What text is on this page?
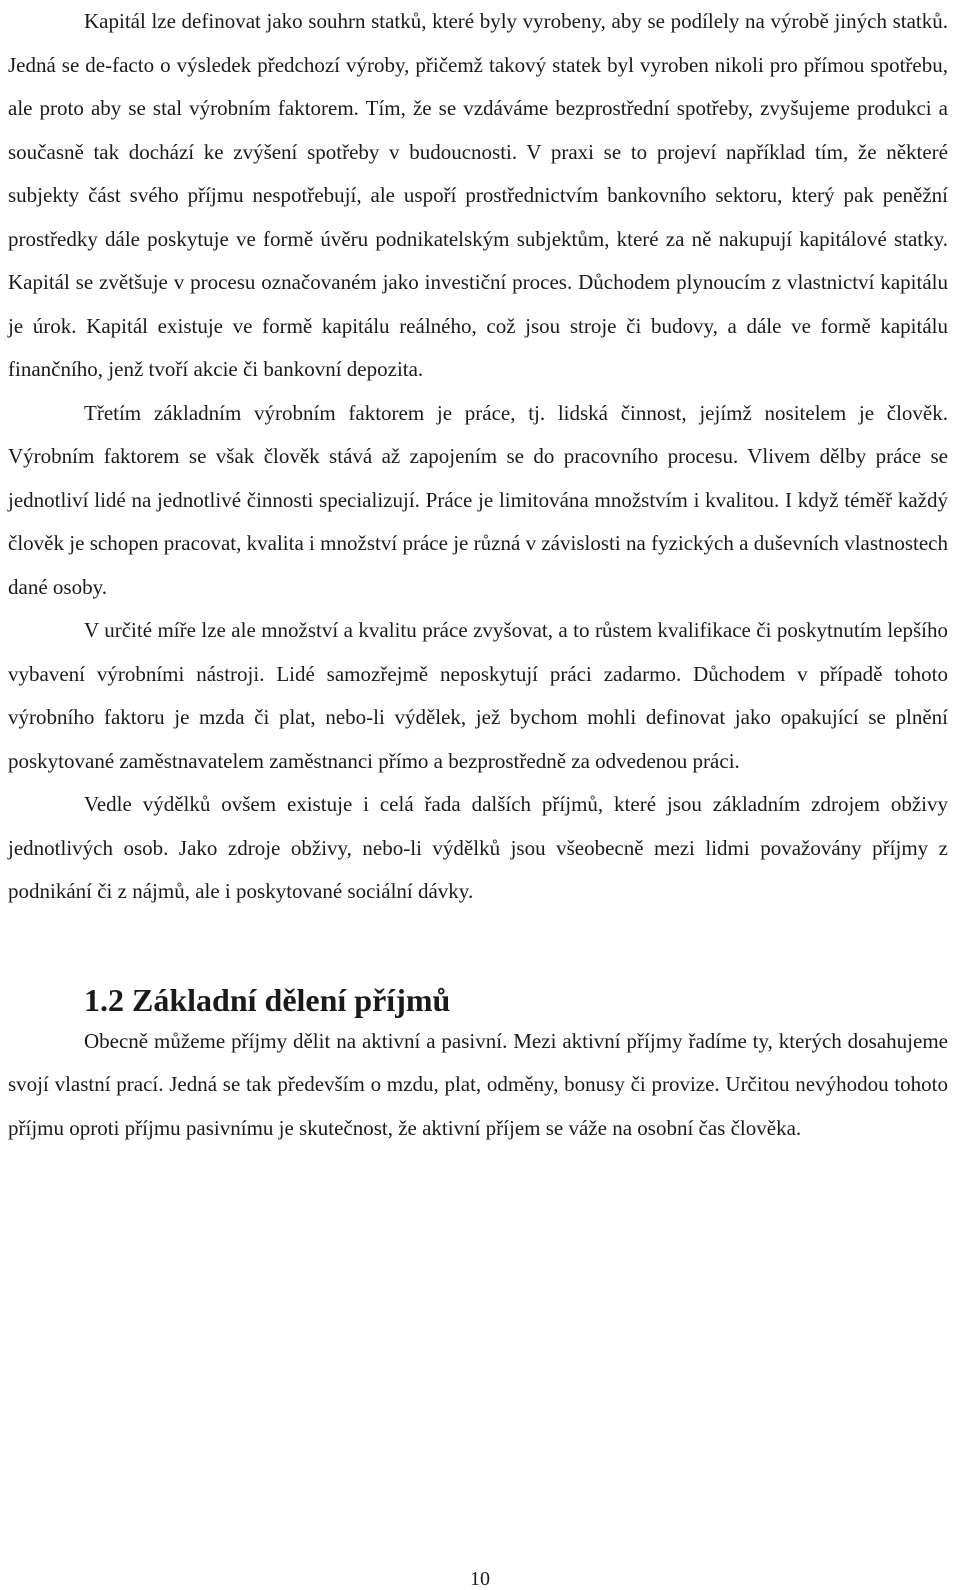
Kapitál lze definovat jako souhrn statků, které byly vyrobeny, aby se podílely na výrobě jiných statků. Jedná se de-facto o výsledek předchozí výroby, přičemž takový statek byl vyroben nikoli pro přímou spotřebu, ale proto aby se stal výrobním faktorem. Tím, že se vzdáváme bezprostřední spotřeby, zvyšujeme produkci a současně tak dochází ke zvýšení spotřeby v budoucnosti. V praxi se to projeví například tím, že některé subjekty část svého příjmu nespotřebují, ale uspoří prostřednictvím bankovního sektoru, který pak peněžní prostředky dále poskytuje ve formě úvěru podnikatelským subjektům, které za ně nakupují kapitálové statky. Kapitál se zvětšuje v procesu označovaném jako investiční proces. Důchodem plynoucím z vlastnictví kapitálu je úrok. Kapitál existuje ve formě kapitálu reálného, což jsou stroje či budovy, a dále ve formě kapitálu finančního, jenž tvoří akcie či bankovní depozita.

Třetím základním výrobním faktorem je práce, tj. lidská činnost, jejímž nositelem je člověk. Výrobním faktorem se však člověk stává až zapojením se do pracovního procesu. Vlivem dělby práce se jednotliví lidé na jednotlivé činnosti specializují. Práce je limitována množstvím i kvalitou. I když téměř každý člověk je schopen pracovat, kvalita i množství práce je různá v závislosti na fyzických a duševních vlastnostech dané osoby.

V určité míře lze ale množství a kvalitu práce zvyšovat, a to růstem kvalifikace či poskytnutím lepšího vybavení výrobními nástroji. Lidé samozřejmě neposkytují práci zadarmo. Důchodem v případě tohoto výrobního faktoru je mzda či plat, nebo-li výdělek, jež bychom mohli definovat jako opakující se plnění poskytované zaměstnavatelem zaměstnanci přímo a bezprostředně za odvedenou práci.

Vedle výdělků ovšem existuje i celá řada dalších příjmů, které jsou základním zdrojem obživy jednotlivých osob. Jako zdroje obživy, nebo-li výdělků jsou všeobecně mezi lidmi považovány příjmy z podnikání či z nájmů, ale i poskytované sociální dávky.

1.2 Základní dělení příjmů

Obecně můžeme příjmy dělit na aktivní a pasivní. Mezi aktivní příjmy řadíme ty, kterých dosahujeme svojí vlastní prací. Jedná se tak především o mzdu, plat, odměny, bonusy či provize. Určitou nevýhodou tohoto příjmu oproti příjmu pasivnímu je skutečnost, že aktivní příjem se váže na osobní čas člověka.

10
